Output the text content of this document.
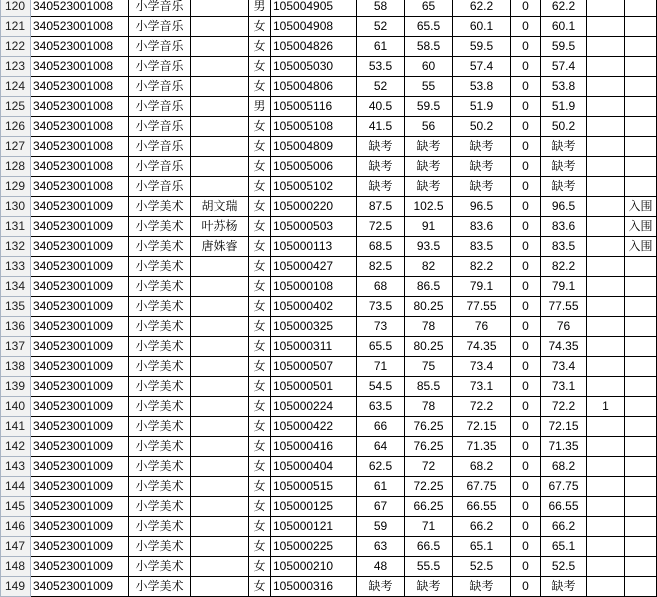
120	340523001008	小学音乐		男	105004905	58	65	62.2	0	62.2		
121	340523001008	小学音乐		女	105004908	52	65.5	60.1	0	60.1		
122	340523001008	小学音乐		女	105004826	61	58.5	59.5	0	59.5		
123	340523001008	小学音乐		女	105005030	53.5	60	57.4	0	57.4		
124	340523001008	小学音乐		女	105004806	52	55	53.8	0	53.8		
125	340523001008	小学音乐		男	105005116	40.5	59.5	51.9	0	51.9		
126	340523001008	小学音乐		女	105005108	41.5	56	50.2	0	50.2		
127	340523001008	小学音乐		女	105004809	缺考	缺考	缺考	0	缺考		
128	340523001008	小学音乐		女	105005006	缺考	缺考	缺考	0	缺考		
129	340523001008	小学音乐		女	105005102	缺考	缺考	缺考	0	缺考		
130	340523001009	小学美术	胡文瑞	女	105000220	87.5	102.5	96.5	0	96.5		入围
131	340523001009	小学美术	叶苏杨	女	105000503	72.5	91	83.6	0	83.6		入围
132	340523001009	小学美术	唐姝睿	女	105000113	68.5	93.5	83.5	0	83.5		入围
133	340523001009	小学美术		女	105000427	82.5	82	82.2	0	82.2		
134	340523001009	小学美术		女	105000108	68	86.5	79.1	0	79.1		
135	340523001009	小学美术		女	105000402	73.5	80.25	77.55	0	77.55		
136	340523001009	小学美术		女	105000325	73	78	76	0	76		
137	340523001009	小学美术		女	105000311	65.5	80.25	74.35	0	74.35		
138	340523001009	小学美术		女	105000507	71	75	73.4	0	73.4		
139	340523001009	小学美术		女	105000501	54.5	85.5	73.1	0	73.1		
140	340523001009	小学美术		女	105000224	63.5	78	72.2	0	72.2	1	
141	340523001009	小学美术		女	105000422	66	76.25	72.15	0	72.15		
142	340523001009	小学美术		女	105000416	64	76.25	71.35	0	71.35		
143	340523001009	小学美术		女	105000404	62.5	72	68.2	0	68.2		
144	340523001009	小学美术		女	105000515	61	72.25	67.75	0	67.75		
145	340523001009	小学美术		女	105000125	67	66.25	66.55	0	66.55		
146	340523001009	小学美术		女	105000121	59	71	66.2	0	66.2		
147	340523001009	小学美术		女	105000225	63	66.5	65.1	0	65.1		
148	340523001009	小学美术		女	105000210	48	55.5	52.5	0	52.5		
149	340523001009	小学美术		女	105000316	缺考	缺考	缺考	0	缺考		
